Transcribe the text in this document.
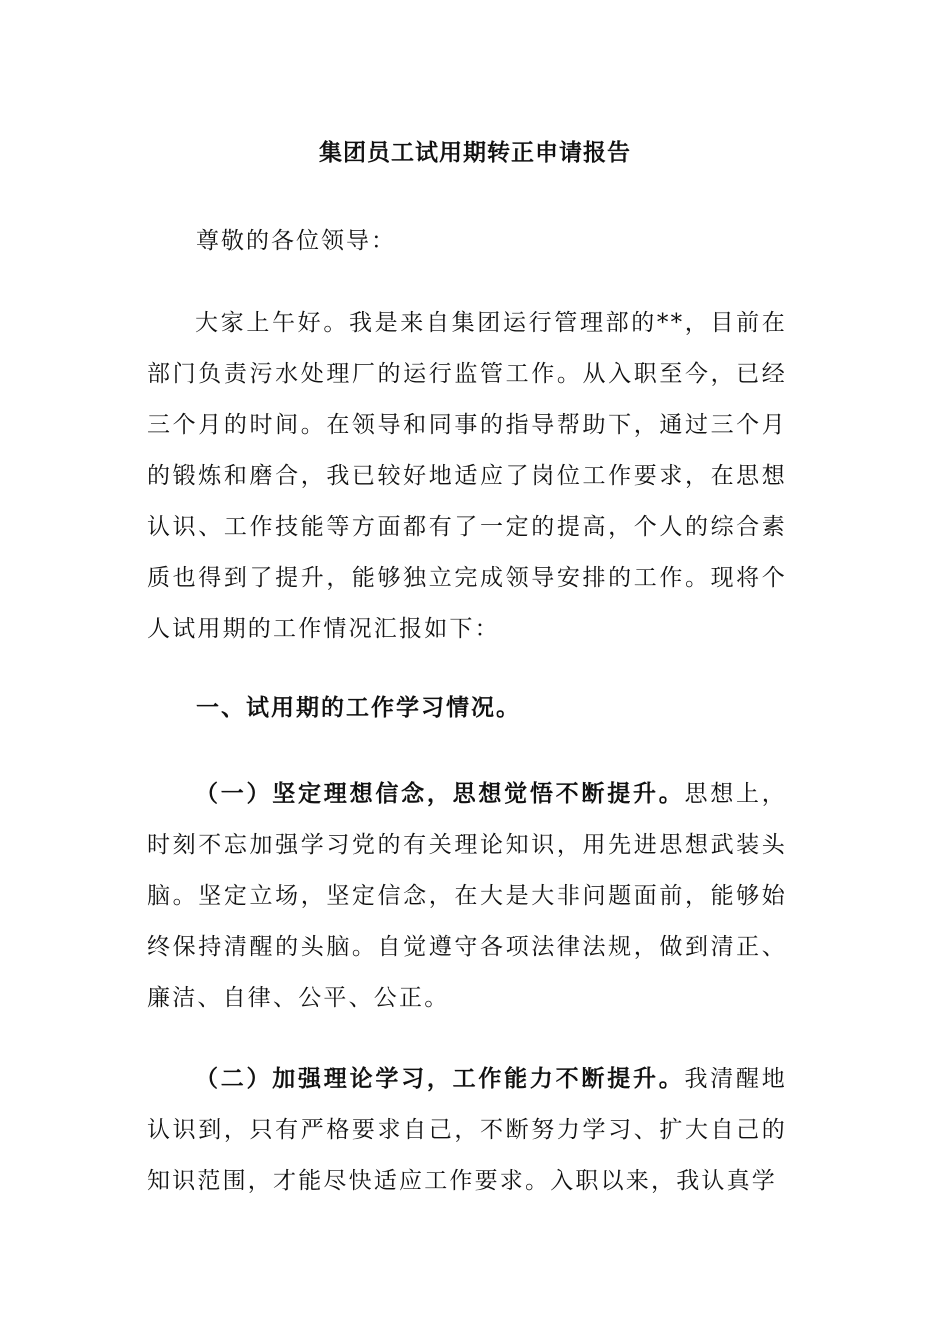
集团员工试用期转正申请报告
尊敬的各位领导：

大家上午好。我是来自集团运行管理部的**，目前在部门负责污水处理厂的运行监管工作。从入职至今，已经三个月的时间。在领导和同事的指导帮助下，通过三个月的锻炼和磨合，我已较好地适应了岗位工作要求，在思想认识、工作技能等方面都有了一定的提高，个人的综合素质也得到了提升，能够独立完成领导安排的工作。现将个人试用期的工作情况汇报如下：

一、试用期的工作学习情况。

（一）坚定理想信念，思想觉悟不断提升。思想上，时刻不忘加强学习党的有关理论知识，用先进思想武装头脑。坚定立场，坚定信念，在大是大非问题面前，能够始终保持清醒的头脑。自觉遵守各项法律法规，做到清正、廉洁、自律、公平、公正。

（二）加强理论学习，工作能力不断提升。我清醒地认识到，只有严格要求自己，不断努力学习、扩大自己的知识范围，才能尽快适应工作要求。入职以来，我认真学
